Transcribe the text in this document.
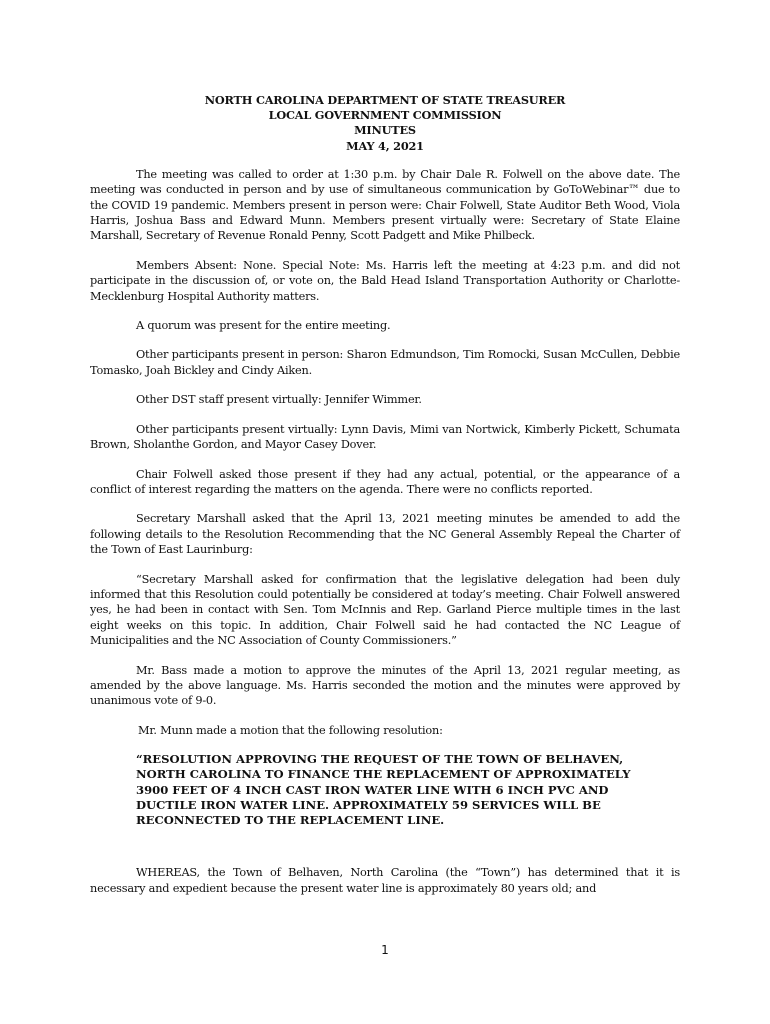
NORTH CAROLINA DEPARTMENT OF STATE TREASURER
LOCAL GOVERNMENT COMMISSION
MINUTES
MAY 4, 2021

The meeting was called to order at 1:30 p.m. by Chair Dale R. Folwell on the above date. The meeting was conducted in person and by use of simultaneous communication by GoToWebinar™ due to the COVID 19 pandemic. Members present in person were: Chair Folwell, State Auditor Beth Wood, Viola Harris, Joshua Bass and Edward Munn. Members present virtually were: Secretary of State Elaine Marshall, Secretary of Revenue Ronald Penny, Scott Padgett and Mike Philbeck.

Members Absent: None. Special Note: Ms. Harris left the meeting at 4:23 p.m. and did not participate in the discussion of, or vote on, the Bald Head Island Transportation Authority or Charlotte-Mecklenburg Hospital Authority matters.

A quorum was present for the entire meeting.

Other participants present in person: Sharon Edmundson, Tim Romocki, Susan McCullen, Debbie Tomasko, Joah Bickley and Cindy Aiken.

Other DST staff present virtually: Jennifer Wimmer.

Other participants present virtually: Lynn Davis, Mimi van Nortwick, Kimberly Pickett, Schumata Brown, Sholanthe Gordon, and Mayor Casey Dover.

Chair Folwell asked those present if they had any actual, potential, or the appearance of a conflict of interest regarding the matters on the agenda. There were no conflicts reported.

Secretary Marshall asked that the April 13, 2021 meeting minutes be amended to add the following details to the Resolution Recommending that the NC General Assembly Repeal the Charter of the Town of East Laurinburg:

“Secretary Marshall asked for confirmation that the legislative delegation had been duly informed that this Resolution could potentially be considered at today’s meeting. Chair Folwell answered yes, he had been in contact with Sen. Tom McInnis and Rep. Garland Pierce multiple times in the last eight weeks on this topic. In addition, Chair Folwell said he had contacted the NC League of Municipalities and the NC Association of County Commissioners.”

Mr. Bass made a motion to approve the minutes of the April 13, 2021 regular meeting, as amended by the above language. Ms. Harris seconded the motion and the minutes were approved by unanimous vote of 9-0.

Mr. Munn made a motion that the following resolution:

“RESOLUTION APPROVING THE REQUEST OF THE TOWN OF BELHAVEN, NORTH CAROLINA TO FINANCE THE REPLACEMENT OF APPROXIMATELY 3900 FEET OF 4 INCH CAST IRON WATER LINE WITH 6 INCH PVC AND DUCTILE IRON WATER LINE. APPROXIMATELY 59 SERVICES WILL BE RECONNECTED TO THE REPLACEMENT LINE.

WHEREAS, the Town of Belhaven, North Carolina (the “Town”) has determined that it is necessary and expedient because the present water line is approximately 80 years old; and

1
